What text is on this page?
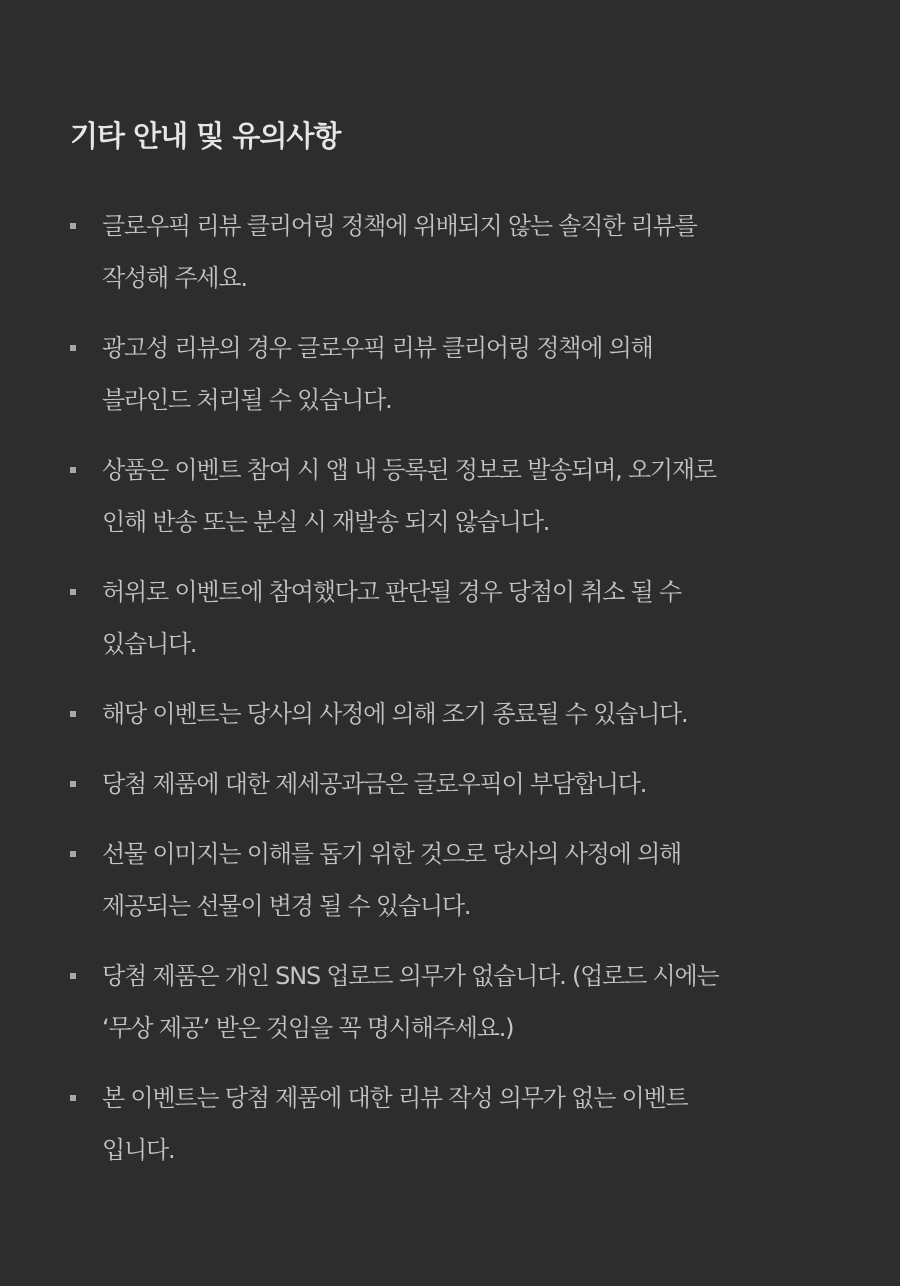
기타 안내 및 유의사항
글로우픽 리뷰 클리어링 정책에 위배되지 않는 솔직한 리뷰를
작성해 주세요.
광고성 리뷰의 경우 글로우픽 리뷰 클리어링 정책에 의해
블라인드 처리될 수 있습니다.
상품은 이벤트 참여 시 앱 내 등록된 정보로 발송되며, 오기재로
인해 반송 또는 분실 시 재발송 되지 않습니다.
허위로 이벤트에 참여했다고 판단될 경우 당첨이 취소 될 수
있습니다.
해당 이벤트는 당사의 사정에 의해 조기 종료될 수 있습니다.
당첨 제품에 대한 제세공과금은 글로우픽이 부담합니다.
선물 이미지는 이해를 돕기 위한 것으로 당사의 사정에 의해
제공되는 선물이 변경 될 수 있습니다.
당첨 제품은 개인 SNS 업로드 의무가 없습니다. (업로드 시에는
‘무상 제공’ 받은 것임을 꼭 명시해주세요.)
본 이벤트는 당첨 제품에 대한 리뷰 작성 의무가 없는 이벤트
입니다.
